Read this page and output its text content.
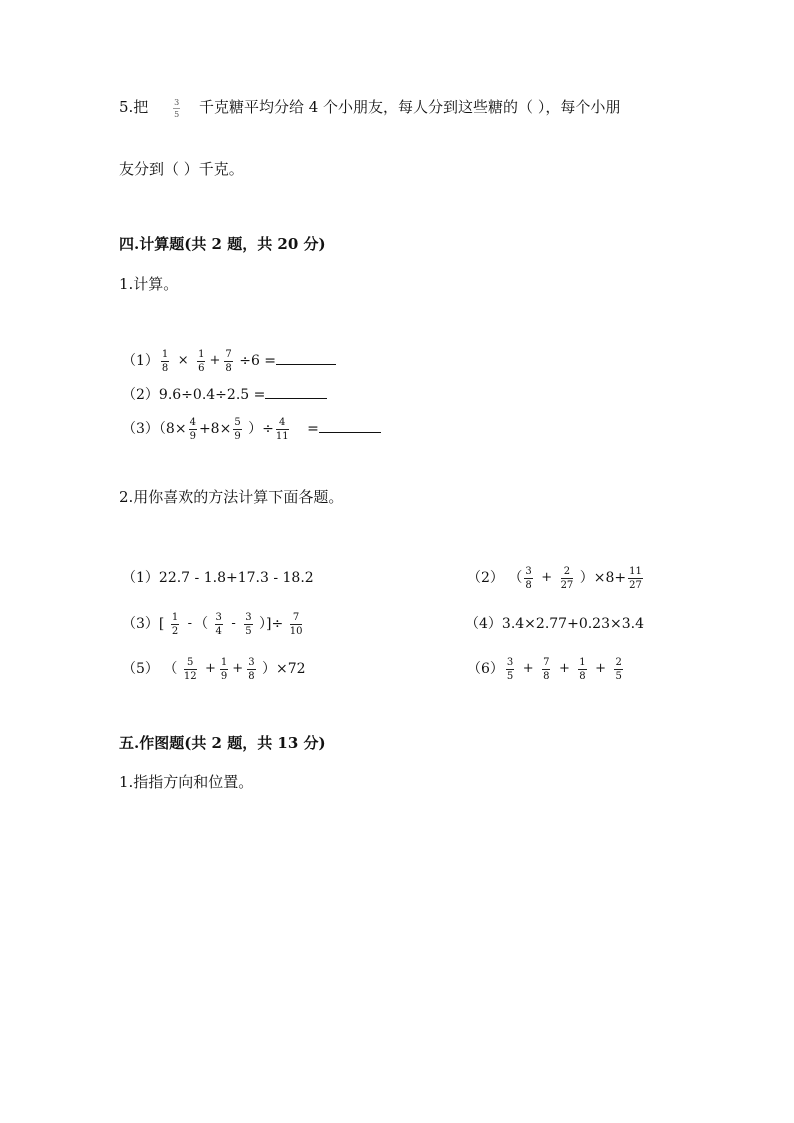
5.把	$\frac{3}{5}$ 千克糖平均分给 4 个小朋友，每人分到这些糖的（ ），每个小朋
友分到（ ）千克。
四.计算题(共 2 题，共 20 分)
1.计算。
$(1) \frac{1}{8} \times \frac{1}{6} + \frac{7}{8} \div 6$ =
（2）9.6÷0.4÷2.5 =
$(3)(8\times \frac{4}{9} +8\times \frac{5}{9}$ ）÷ $\frac{4}{11}$ =
2.用你喜欢的方法计算下面各题。
（1）22.7 - 1.8+17.3 - 18.2	（2） （ $\frac{3}{8} + \frac{2}{27} )\times 8+ \frac{11}{27}$
$(3)[ \frac{1}{2}$ - （ $\frac{3}{4} - \frac{3}{5}$ ）]÷ $\frac{7}{10}$	（4）3.4×2.77+0.23×3.4
（5） （ $\frac{5}{12} + \frac{1}{9} + \frac{3}{8} )\times 72$	$(6) \frac{3}{5} + \frac{7}{8} + \frac{1}{8} + \frac{2}{5}$
五.作图题(共 2 题，共 13 分)
1.指指方向和位置。
